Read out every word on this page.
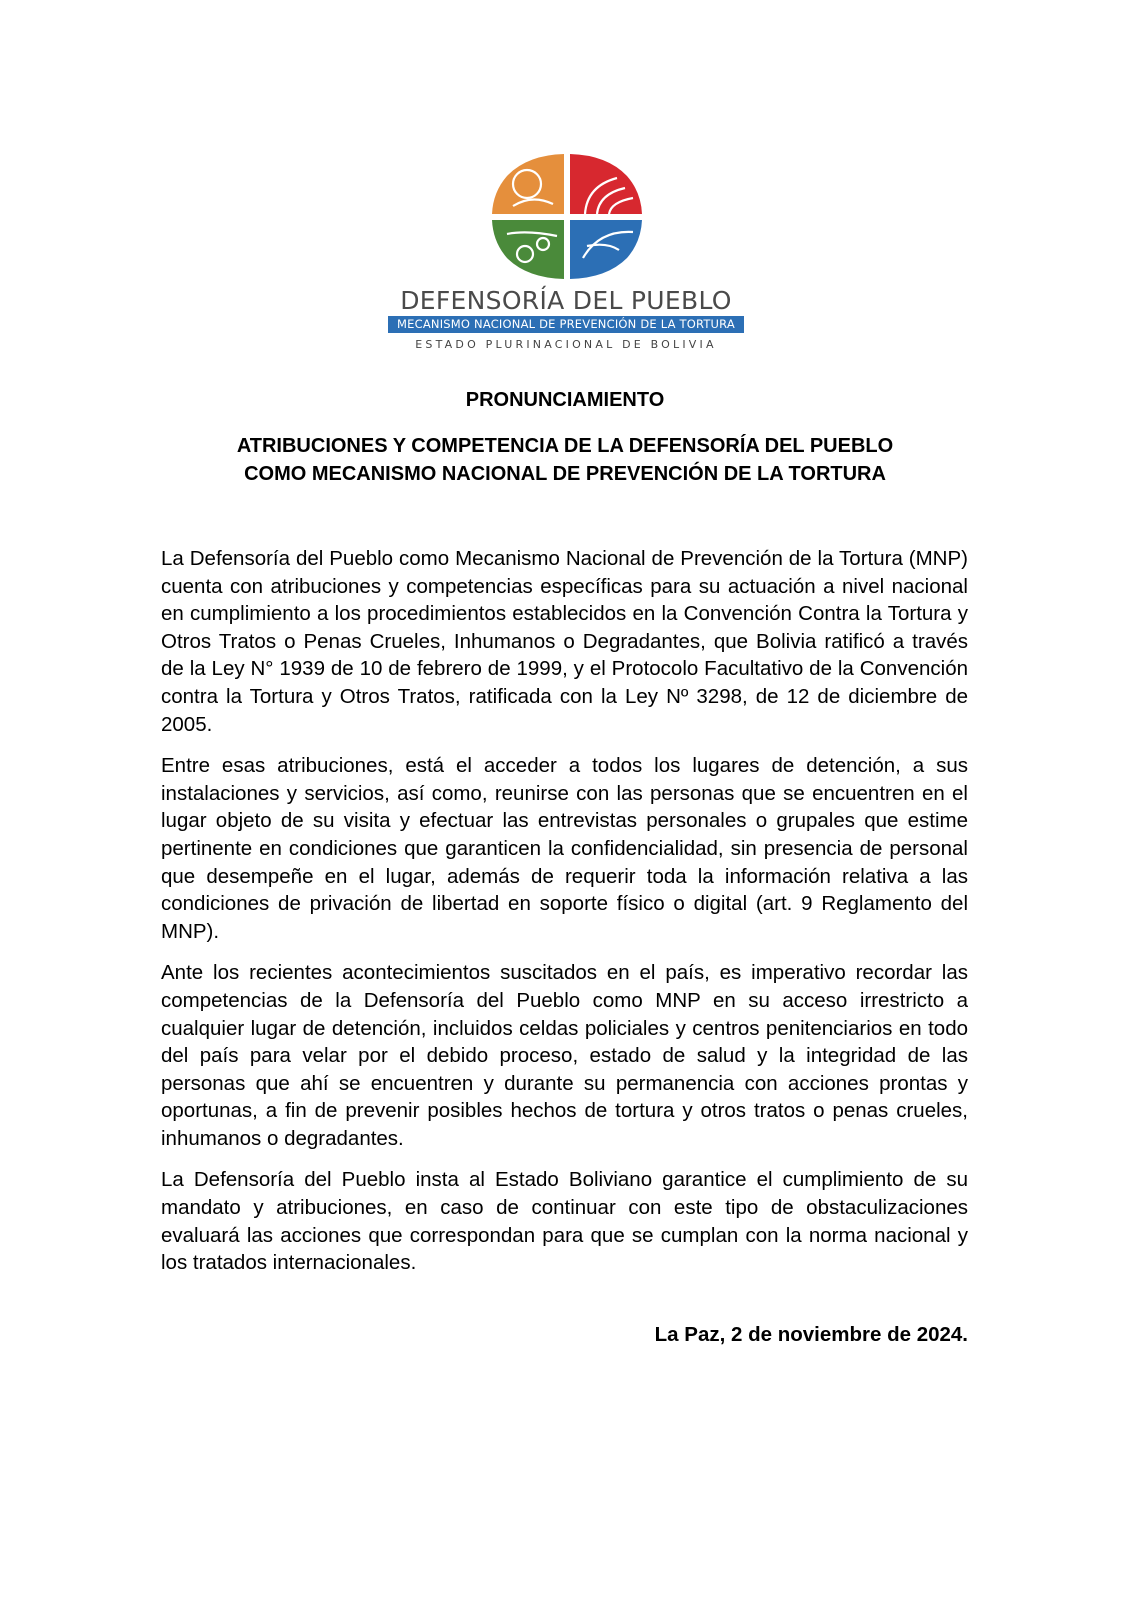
DEFENSORÍA DEL PUEBLO
MECANISMO NACIONAL DE PREVENCIÓN DE LA TORTURA
ESTADO PLURINACIONAL DE BOLIVIA
PRONUNCIAMIENTO
ATRIBUCIONES Y COMPETENCIA DE LA DEFENSORÍA DEL PUEBLO
COMO MECANISMO NACIONAL DE PREVENCIÓN DE LA TORTURA

La Defensoría del Pueblo como Mecanismo Nacional de Prevención de la Tortura (MNP) cuenta con atribuciones y competencias específicas para su actuación a nivel nacional en cumplimiento a los procedimientos establecidos en la Convención Contra la Tortura y Otros Tratos o Penas Crueles, Inhumanos o Degradantes, que Bolivia ratificó a través de la Ley N° 1939 de 10 de febrero de 1999, y el Protocolo Facultativo de la Convención contra la Tortura y Otros Tratos, ratificada con la Ley Nº 3298, de 12 de diciembre de 2005.

Entre esas atribuciones, está el acceder a todos los lugares de detención, a sus instalaciones y servicios, así como, reunirse con las personas que se encuentren en el lugar objeto de su visita y efectuar las entrevistas personales o grupales que estime pertinente en condiciones que garanticen la confidencialidad, sin presencia de personal que desempeñe en el lugar, además de requerir toda la información relativa a las condiciones de privación de libertad en soporte físico o digital (art. 9 Reglamento del MNP).

Ante los recientes acontecimientos suscitados en el país, es imperativo recordar las competencias de la Defensoría del Pueblo como MNP en su acceso irrestricto a cualquier lugar de detención, incluidos celdas policiales y centros penitenciarios en todo del país para velar por el debido proceso, estado de salud y la integridad de las personas que ahí se encuentren y durante su permanencia con acciones prontas y oportunas, a fin de prevenir posibles hechos de tortura y otros tratos o penas crueles, inhumanos o degradantes.

La Defensoría del Pueblo insta al Estado Boliviano garantice el cumplimiento de su mandato y atribuciones, en caso de continuar con este tipo de obstaculizaciones evaluará las acciones que correspondan para que se cumplan con la norma nacional y los tratados internacionales.

La Paz, 2 de noviembre de 2024.
